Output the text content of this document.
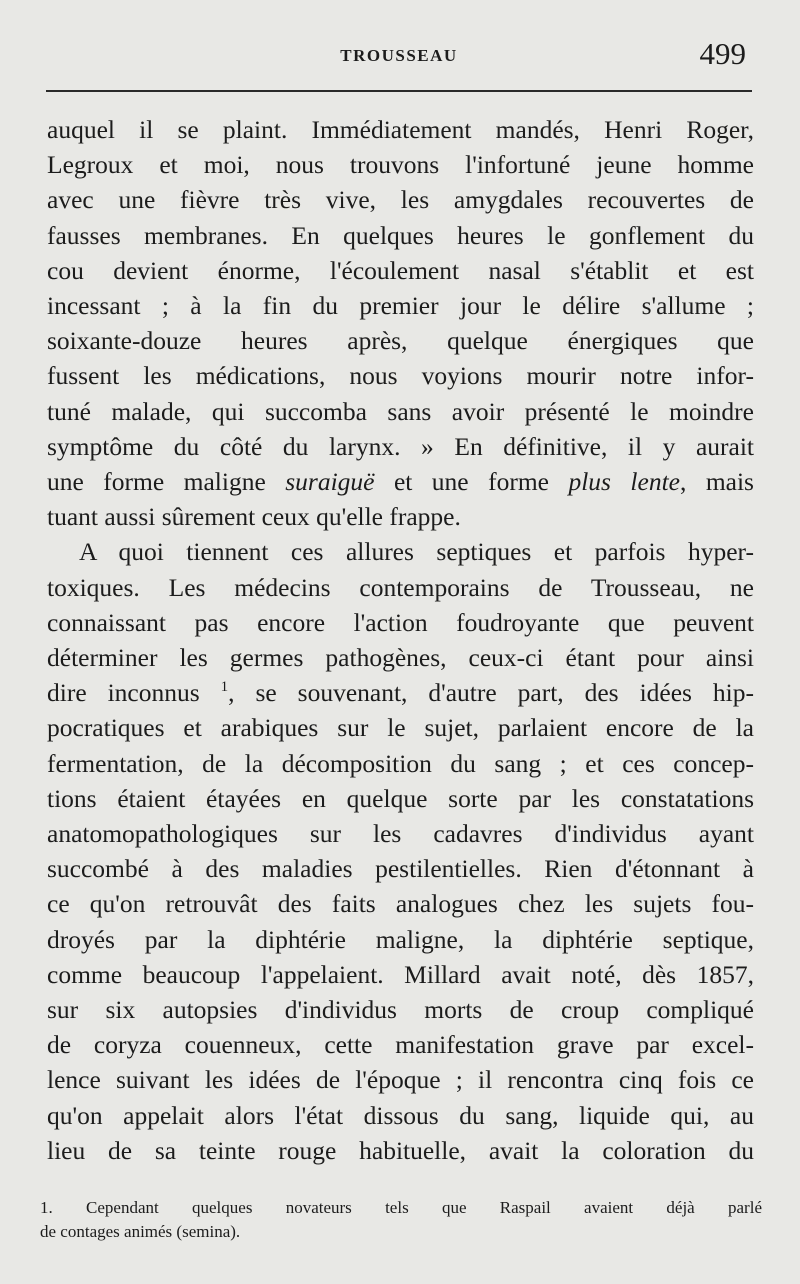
TROUSSEAU	499
auquel il se plaint. Immédiatement mandés, Henri Roger,
Legroux et moi, nous trouvons l'infortuné jeune homme
avec une fièvre très vive, les amygdales recouvertes de
fausses membranes. En quelques heures le gonflement du
cou devient énorme, l'écoulement nasal s'établit et est
incessant ; à la fin du premier jour le délire s'allume ;
soixante-douze heures après, quelque énergiques que
fussent les médications, nous voyions mourir notre infor-
tuné malade, qui succomba sans avoir présenté le moindre
symptôme du côté du larynx. » En définitive, il y aurait
une forme maligne suraiguë et une forme plus lente, mais
tuant aussi sûrement ceux qu'elle frappe.
A quoi tiennent ces allures septiques et parfois hyper-
toxiques. Les médecins contemporains de Trousseau, ne
connaissant pas encore l'action foudroyante que peuvent
déterminer les germes pathogènes, ceux-ci étant pour ainsi
dire inconnus $^1$, se souvenant, d'autre part, des idées hip-
pocratiques et arabiques sur le sujet, parlaient encore de la
fermentation, de la décomposition du sang ; et ces concep-
tions étaient étayées en quelque sorte par les constatations
anatomopathologiques sur les cadavres d'individus ayant
succombé à des maladies pestilentielles. Rien d'étonnant à
ce qu'on retrouvât des faits analogues chez les sujets fou-
droyés par la diphtérie maligne, la diphtérie septique,
comme beaucoup l'appelaient. Millard avait noté, dès 1857,
sur six autopsies d'individus morts de croup compliqué
de coryza couenneux, cette manifestation grave par excel-
lence suivant les idées de l'époque ; il rencontra cinq fois ce
qu'on appelait alors l'état dissous du sang, liquide qui, au
lieu de sa teinte rouge habituelle, avait la coloration du
1. Cependant quelques novateurs tels que Raspail avaient déjà parlé
de contages animés (semina).
